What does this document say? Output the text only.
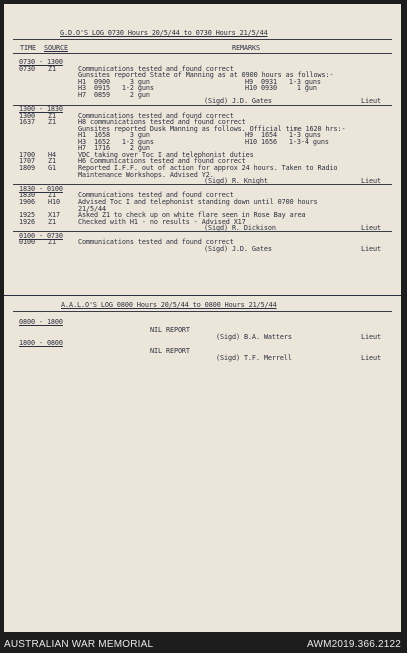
G.D.O'S LOG 0730 Hours 20/5/44 to 0730 Hours 21/5/44
TIME SOURCE	REMARKS
0730 - 1300
0730 Z1	Communications tested and found correct
Gunsites reported State of Manning as at 0900 hours as follows:-
H1  0900     3 gun	H9  0931   1-3 guns
H3  0915   1-2 guns	H10 0930     1 gun
H7  0859     2 gun
(Sigd) J.D. Gates	Lieut
1300 - 1830
1300 Z1	Communications tested and found correct
1637 Z1	H8 communications tested and found correct
Gunsites reported Dusk Manning as follows. Official time 1620 hrs:-
H1  1658     3 gun	H9  1654   1-3 guns
H3  1652   1-2 guns	H10 1656   1-3-4 guns
H7  1716     2 gun
1700 H4	VDC taking over Toc I and telephonist duties
1707 Z1	H6 Communications tested and found correct
1809 G1	Reported I.F.F. out of action for approx 24 hours. Taken to Radio
Maintenance Workshops. Advised Y2.
(Sigd) R. Knight	Lieut
1830 - 0100
1830 Z1	Communications tested and found correct
1906 H10	Advised Toc I and telephonist standing down until 0700 hours
21/5/44
1925 X17	Asked Z1 to check up on white flare seen in Rose Bay area
1926 Z1	Checked with H1 - no results - Advised X17
(Sigd) R. Dickison	Lieut
0100 - 0730
0100 Z1	Communications tested and found correct
(Sigd) J.D. Gates	Lieut
A.A.L.O'S LOG 0800 Hours 20/5/44 to 0800 Hours 21/5/44
0800 - 1800
NIL REPORT
(Sigd) B.A. Watters	Lieut
1800 - 0800
NIL REPORT
(Sigd) T.F. Merrell	Lieut
AUSTRALIAN WAR MEMORIAL	AWM2019.366.2122
